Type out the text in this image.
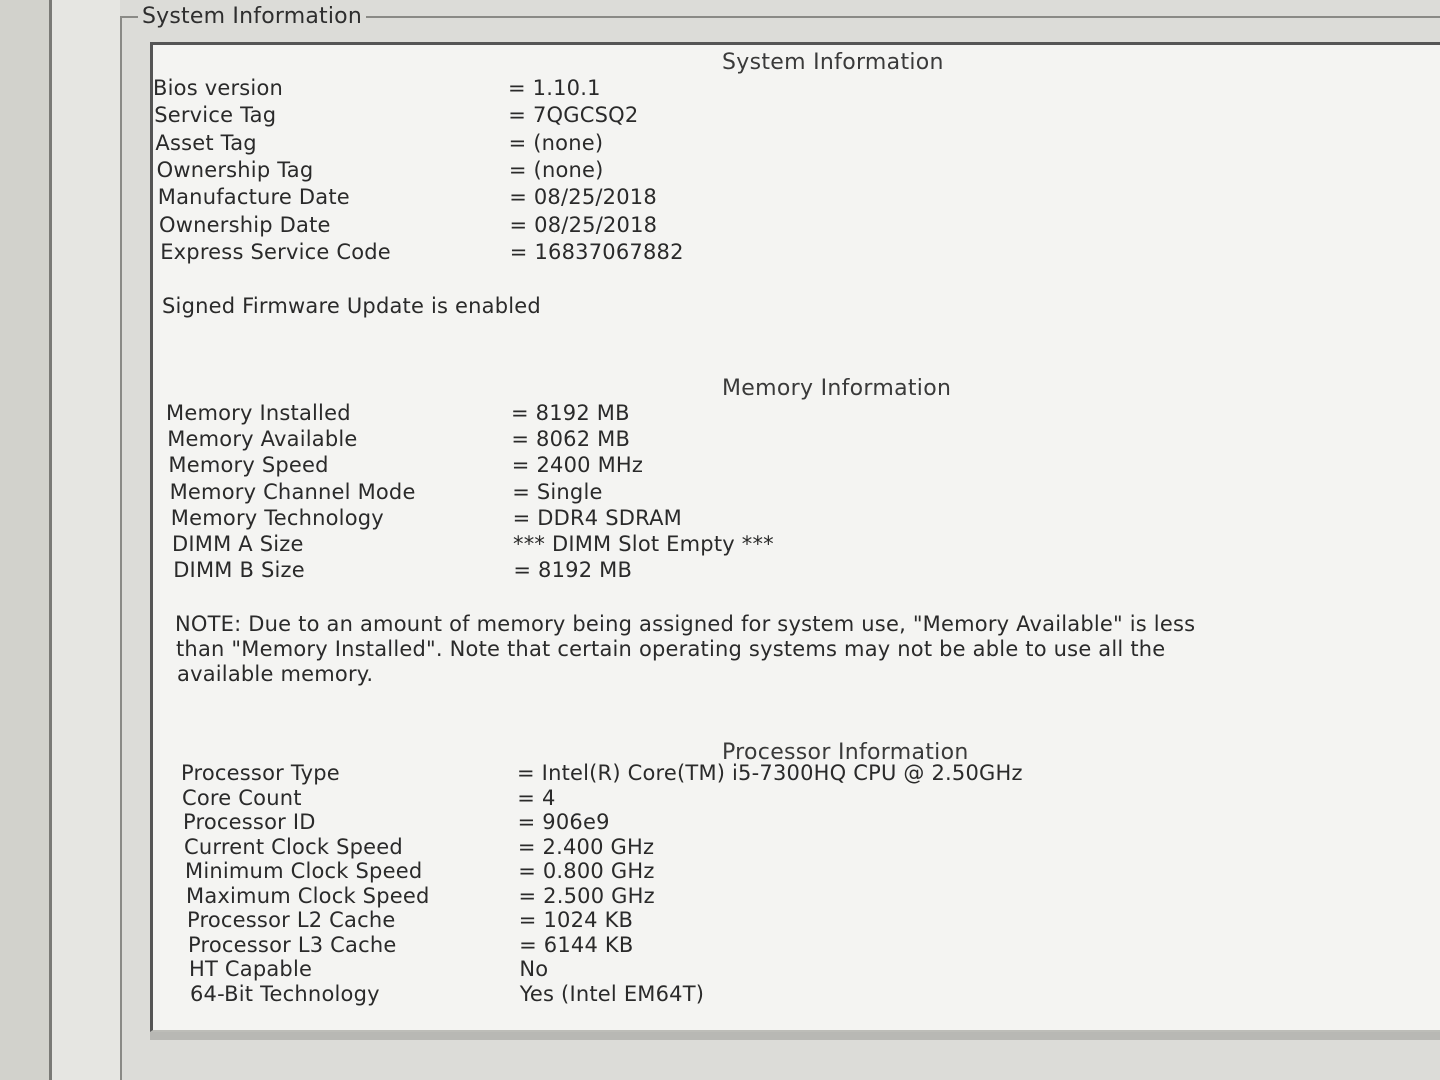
System Information
System Information
Bios version	= 1.10.1
Service Tag	= 7QGCSQ2
Asset Tag	= (none)
Ownership Tag	= (none)
Manufacture Date	= 08/25/2018
Ownership Date	= 08/25/2018
Express Service Code	= 16837067882
Signed Firmware Update is enabled
Memory Information
Memory Installed	= 8192 MB
Memory Available	= 8062 MB
Memory Speed	= 2400 MHz
Memory Channel Mode	= Single
Memory Technology	= DDR4 SDRAM
DIMM A Size	*** DIMM Slot Empty ***
DIMM B Size	= 8192 MB
NOTE: Due to an amount of memory being assigned for system use, "Memory Available" is less
than "Memory Installed". Note that certain operating systems may not be able to use all the
available memory.
Processor Information
Processor Type	= Intel(R) Core(TM) i5-7300HQ CPU @ 2.50GHz
Core Count	= 4
Processor ID	= 906e9
Current Clock Speed	= 2.400 GHz
Minimum Clock Speed	= 0.800 GHz
Maximum Clock Speed	= 2.500 GHz
Processor L2 Cache	= 1024 KB
Processor L3 Cache	= 6144 KB
HT Capable	No
64-Bit Technology	Yes (Intel EM64T)
